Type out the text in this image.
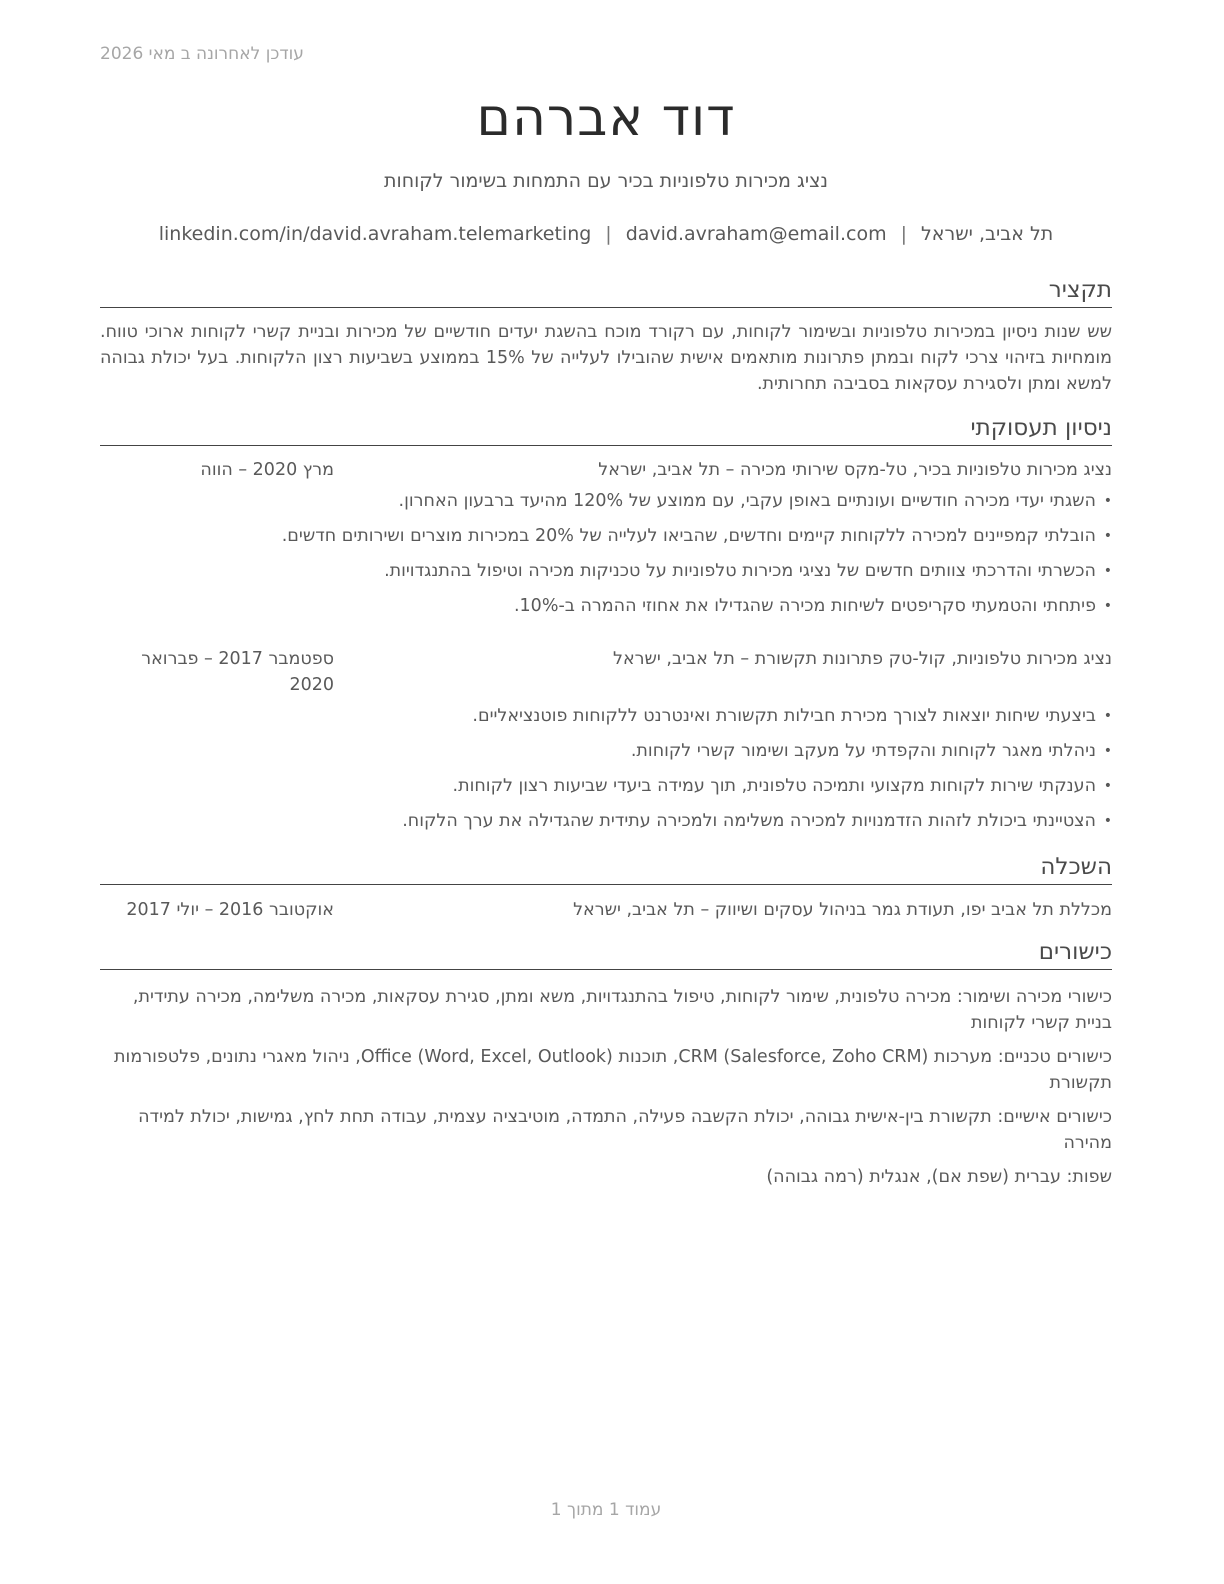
עודכן לאחרונה ב מאי 2026
דוד אברהם
נציג מכירות טלפוניות בכיר עם התמחות בשימור לקוחות
תל אביב, ישראל|david.avraham@email.com|linkedin.com/in/david.avraham.telemarketing
תקציר
שש שנות ניסיון במכירות טלפוניות ובשימור לקוחות, עם רקורד מוכח בהשגת יעדים חודשיים של מכירות ובניית קשרי לקוחות ארוכי טווח. מומחיות בזיהוי צרכי לקוח ובמתן פתרונות מותאמים אישית שהובילו לעלייה של 15% בממוצע בשביעות רצון הלקוחות. בעל יכולת גבוהה למשא ומתן ולסגירת עסקאות בסביבה תחרותית.
ניסיון תעסוקתי
נציג מכירות טלפוניות בכיר, טל-מקס שירותי מכירה – תל אביב, ישראל
מרץ 2020 – הווה
•
השגתי יעדי מכירה חודשיים ועונתיים באופן עקבי, עם ממוצע של 120% מהיעד ברבעון האחרון.
•
הובלתי קמפיינים למכירה ללקוחות קיימים וחדשים, שהביאו לעלייה של 20% במכירות מוצרים ושירותים חדשים.
•
הכשרתי והדרכתי צוותים חדשים של נציגי מכירות טלפוניות על טכניקות מכירה וטיפול בהתנגדויות.
•
פיתחתי והטמעתי סקריפטים לשיחות מכירה שהגדילו את אחוזי ההמרה ב-10%.
נציג מכירות טלפוניות, קול-טק פתרונות תקשורת – תל אביב, ישראל
ספטמבר 2017 – פברואר 2020
•
ביצעתי שיחות יוצאות לצורך מכירת חבילות תקשורת ואינטרנט ללקוחות פוטנציאליים.
•
ניהלתי מאגר לקוחות והקפדתי על מעקב ושימור קשרי לקוחות.
•
הענקתי שירות לקוחות מקצועי ותמיכה טלפונית, תוך עמידה ביעדי שביעות רצון לקוחות.
•
הצטיינתי ביכולת לזהות הזדמנויות למכירה משלימה ולמכירה עתידית שהגדילה את ערך הלקוח.
השכלה
מכללת תל אביב יפו, תעודת גמר בניהול עסקים ושיווק – תל אביב, ישראל
אוקטובר 2016 – יולי 2017
כישורים
כישורי מכירה ושימור: מכירה טלפונית, שימור לקוחות, טיפול בהתנגדויות, משא ומתן, סגירת עסקאות, מכירה משלימה, מכירה עתידית, בניית קשרי לקוחות
כישורים טכניים: מערכות CRM (Salesforce, Zoho CRM), תוכנות Office (Word, Excel, Outlook), ניהול מאגרי נתונים, פלטפורמות תקשורת
כישורים אישיים: תקשורת בין-אישית גבוהה, יכולת הקשבה פעילה, התמדה, מוטיבציה עצמית, עבודה תחת לחץ, גמישות, יכולת למידה מהירה
שפות: עברית (שפת אם), אנגלית (רמה גבוהה)
עמוד 1 מתוך 1
